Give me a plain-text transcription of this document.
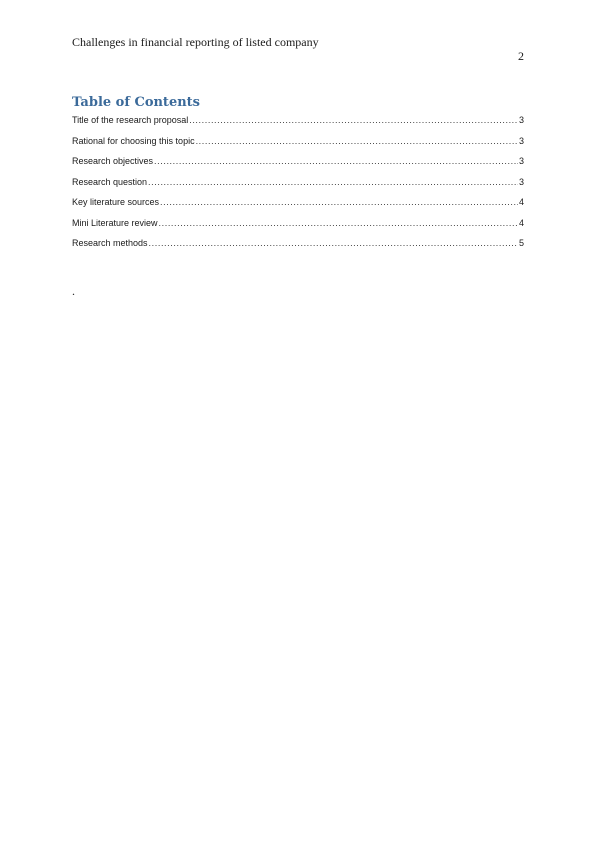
Challenges in financial reporting of listed company
2
Table of Contents
Title of the research proposal .....	3
Rational for choosing this topic .....	3
Research objectives .....	3
Research question .....	3
Key literature sources .....	4
Mini Literature review .....	4
Research methods .....	5
.
